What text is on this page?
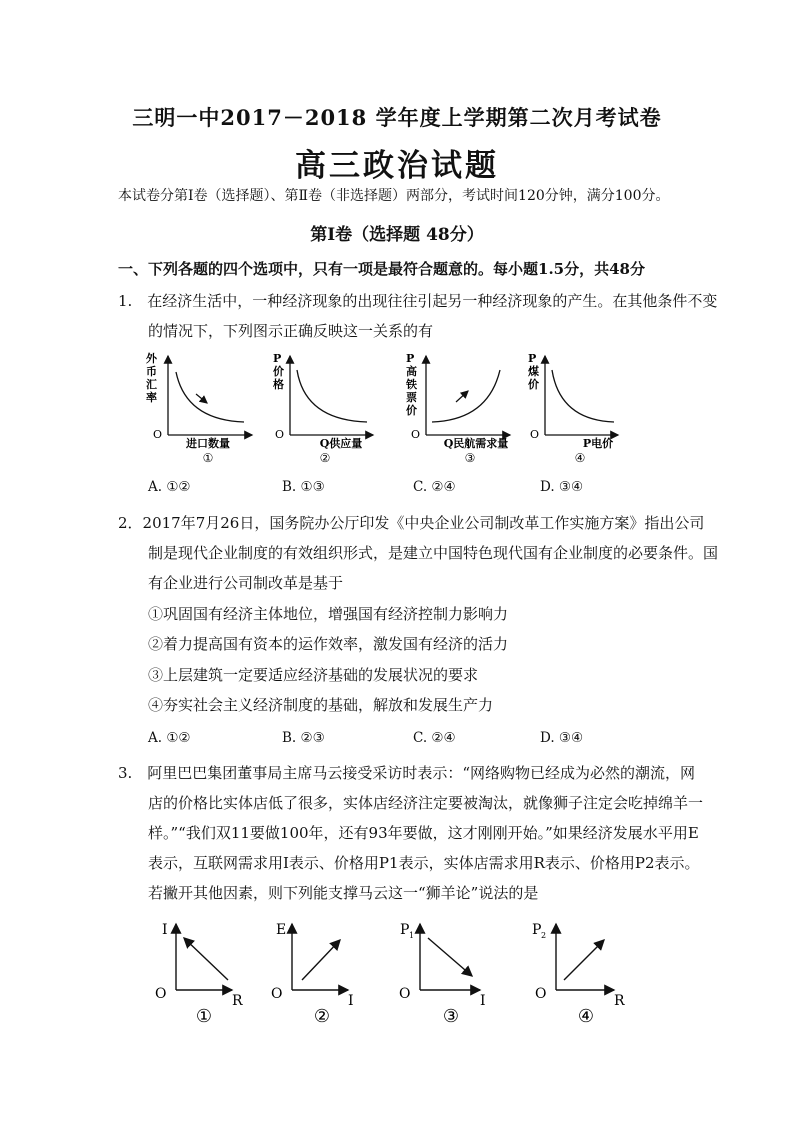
三明一中2017－2018 学年度上学期第二次月考试卷
高三政治试题
本试卷分第Ⅰ卷（选择题）、第Ⅱ卷（非选择题）两部分，考试时间120分钟，满分100分。
第Ⅰ卷（选择题 48分）
一、下列各题的四个选项中，只有一项是最符合题意的。每小题1.5分，共48分
1.　在经济生活中，一种经济现象的出现往往引起另一种经济现象的产生。在其他条件不变
的情况下，下列图示正确反映这一关系的有
外
币
汇
率
O
进口数量
①
P
价
格
O
Q供应量
②
P
高
铁
票
价
O
Q民航需求量
③
P
煤
价
O
P电价
④
A. ①②	B. ①③	C. ②④	D. ③④
2．2017年7月26日，国务院办公厅印发《中央企业公司制改革工作实施方案》指出公司
制是现代企业制度的有效组织形式，是建立中国特色现代国有企业制度的必要条件。国
有企业进行公司制改革是基于
①巩固国有经济主体地位，增强国有经济控制力影响力
②着力提高国有资本的运作效率，激发国有经济的活力
③上层建筑一定要适应经济基础的发展状况的要求
④夯实社会主义经济制度的基础，解放和发展生产力
A. ①②	B. ②③	C. ②④	D. ③④
3.　阿里巴巴集团董事局主席马云接受采访时表示：“网络购物已经成为必然的潮流，网
店的价格比实体店低了很多，实体店经济注定要被淘汰，就像狮子注定会吃掉绵羊一
样。”“我们双11要做100年，还有93年要做，这才刚刚开始。”如果经济发展水平用E
表示，互联网需求用I表示、价格用P1表示，实体店需求用R表示、价格用P2表示。
若撇开其他因素，则下列能支撑马云这一“狮羊论”说法的是
I
O	R
①
E
O	I
②
P 1
O	I
③
P 2
O	R
④
